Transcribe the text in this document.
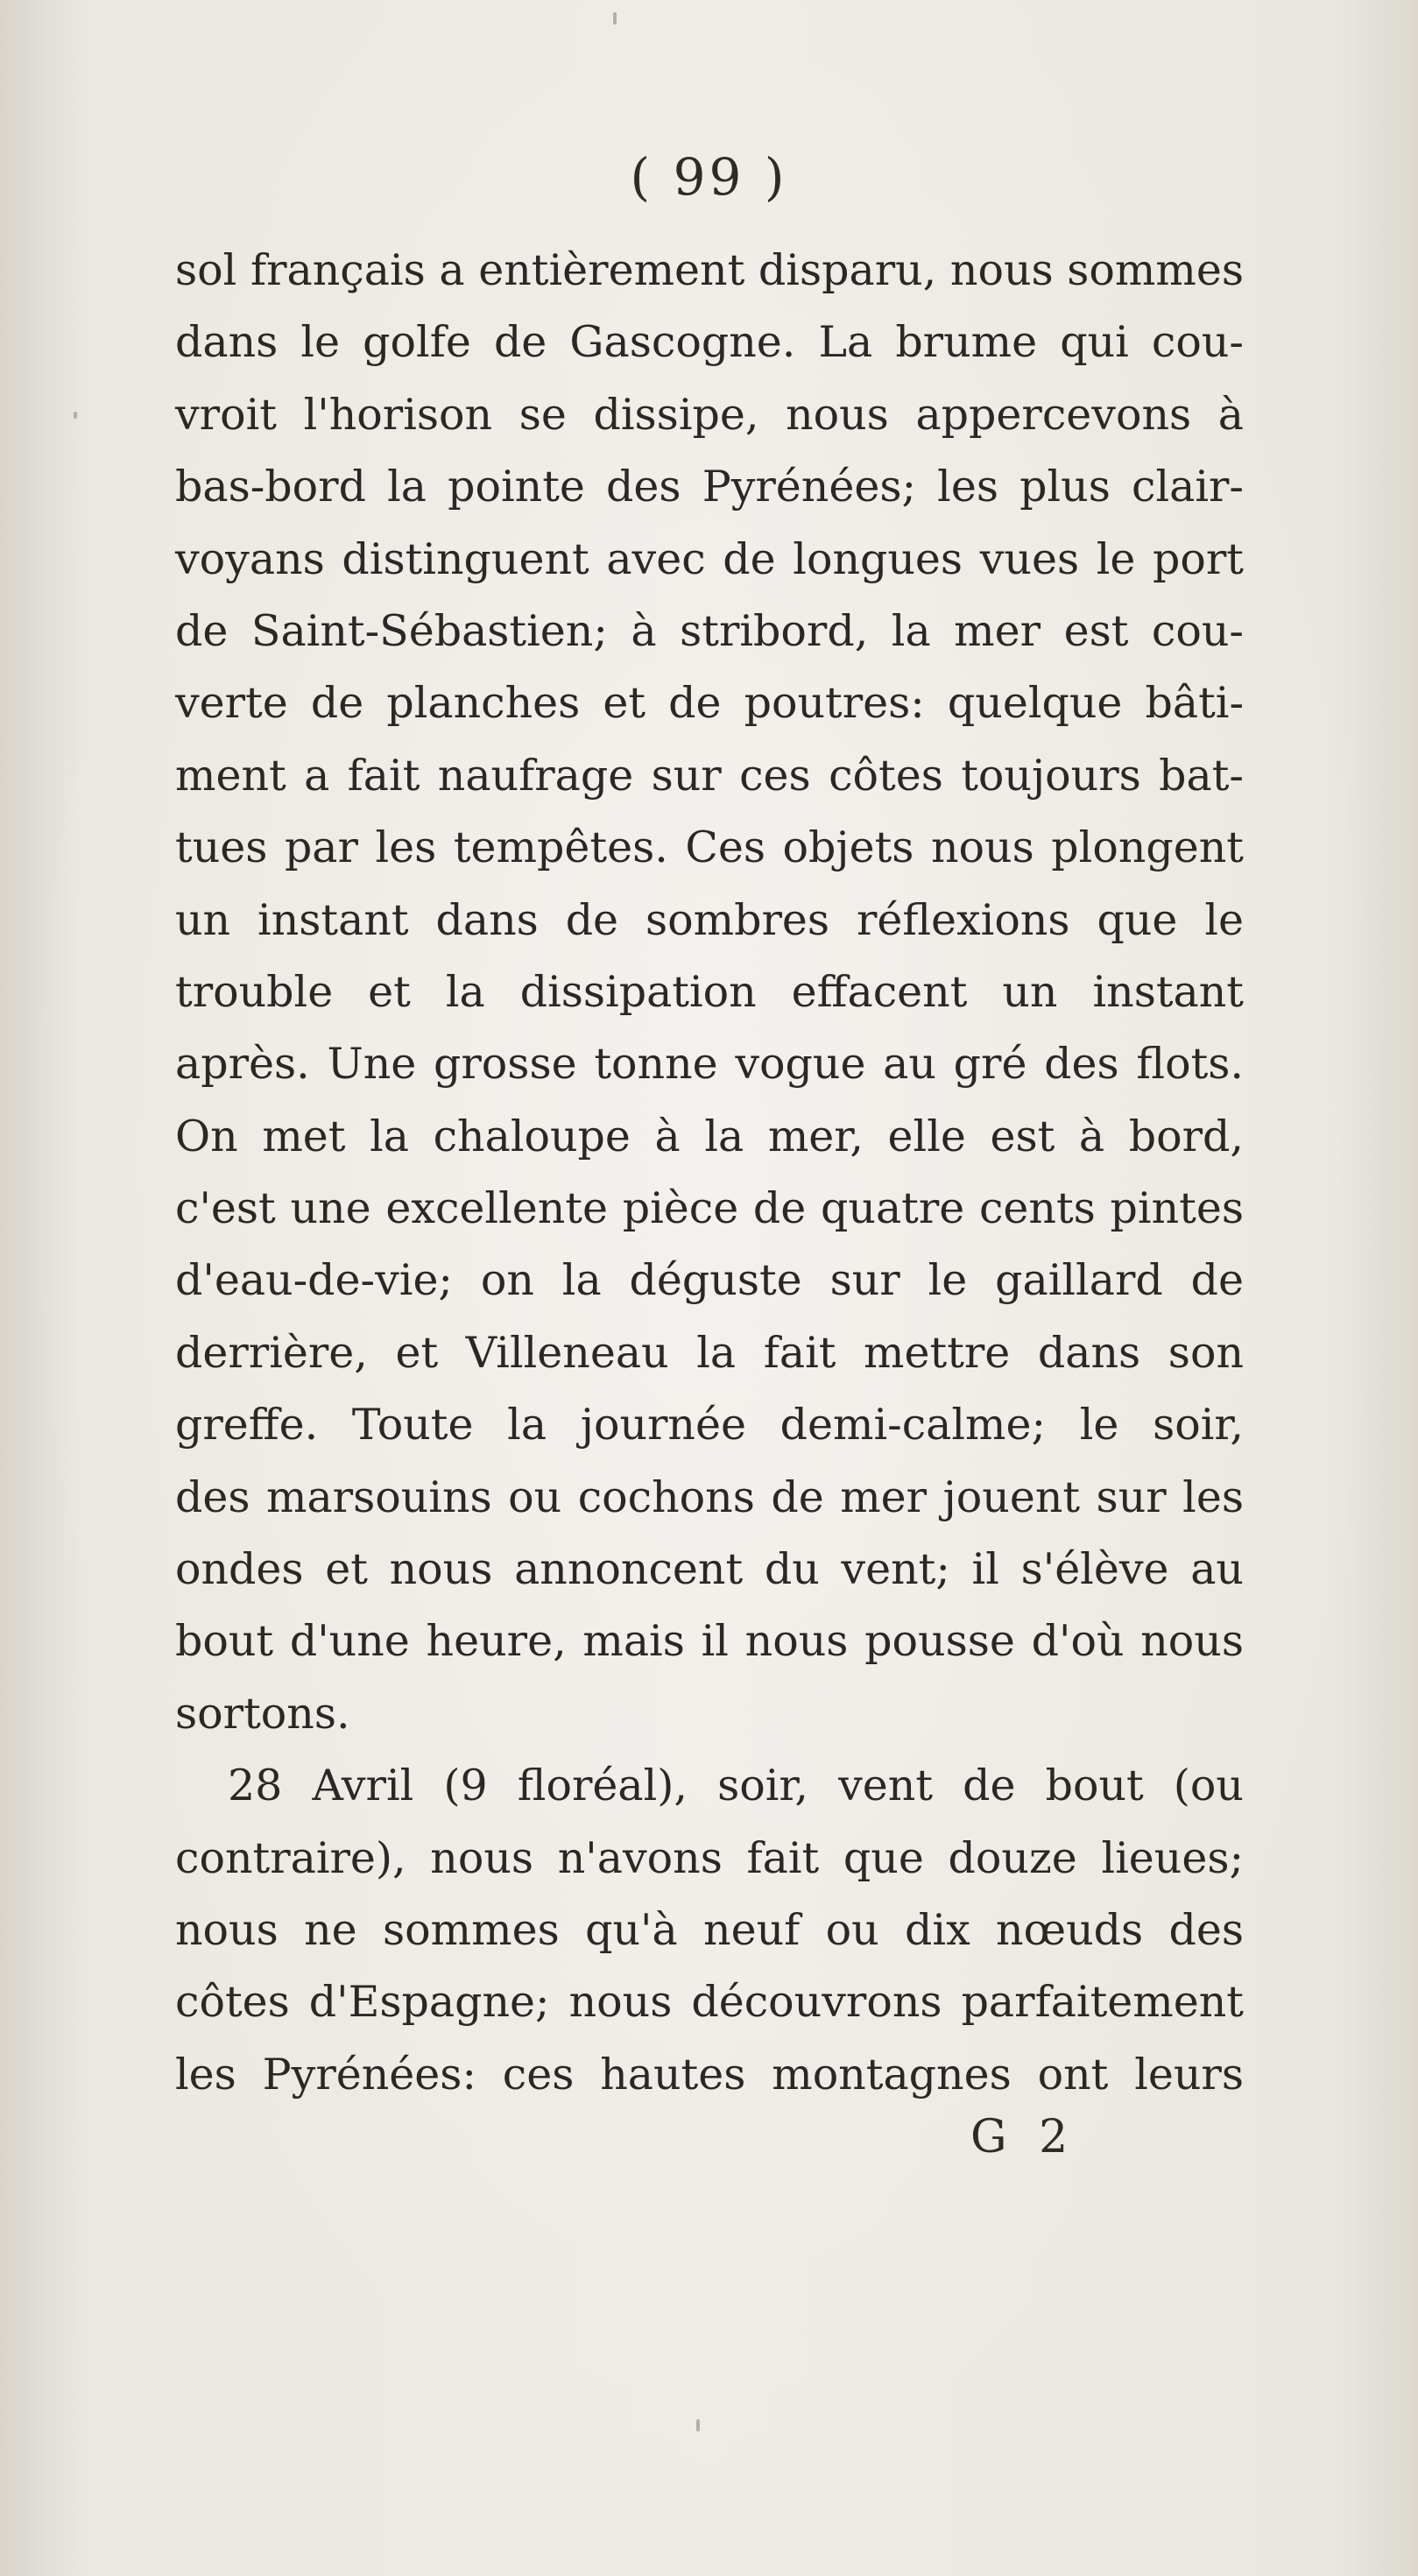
( 99 )
sol français a entièrement disparu, nous sommes
dans le golfe de Gascogne. La brume qui cou-
vroit l'horison se dissipe, nous appercevons à
bas-bord la pointe des Pyrénées; les plus clair-
voyans distinguent avec de longues vues le port
de Saint-Sébastien; à stribord, la mer est cou-
verte de planches et de poutres: quelque bâti-
ment a fait naufrage sur ces côtes toujours bat-
tues par les tempêtes. Ces objets nous plongent
un instant dans de sombres réflexions que le
trouble et la dissipation effacent un instant
après. Une grosse tonne vogue au gré des flots.
On met la chaloupe à la mer, elle est à bord,
c'est une excellente pièce de quatre cents pintes
d'eau-de-vie; on la déguste sur le gaillard de
derrière, et Villeneau la fait mettre dans son
greffe. Toute la journée demi-calme; le soir,
des marsouins ou cochons de mer jouent sur les
ondes et nous annoncent du vent; il s'élève au
bout d'une heure, mais il nous pousse d'où nous
sortons.
28 Avril (9 floréal), soir, vent de bout (ou
contraire), nous n'avons fait que douze lieues;
nous ne sommes qu'à neuf ou dix nœuds des
côtes d'Espagne; nous découvrons parfaitement
les Pyrénées: ces hautes montagnes ont leurs
G 2
